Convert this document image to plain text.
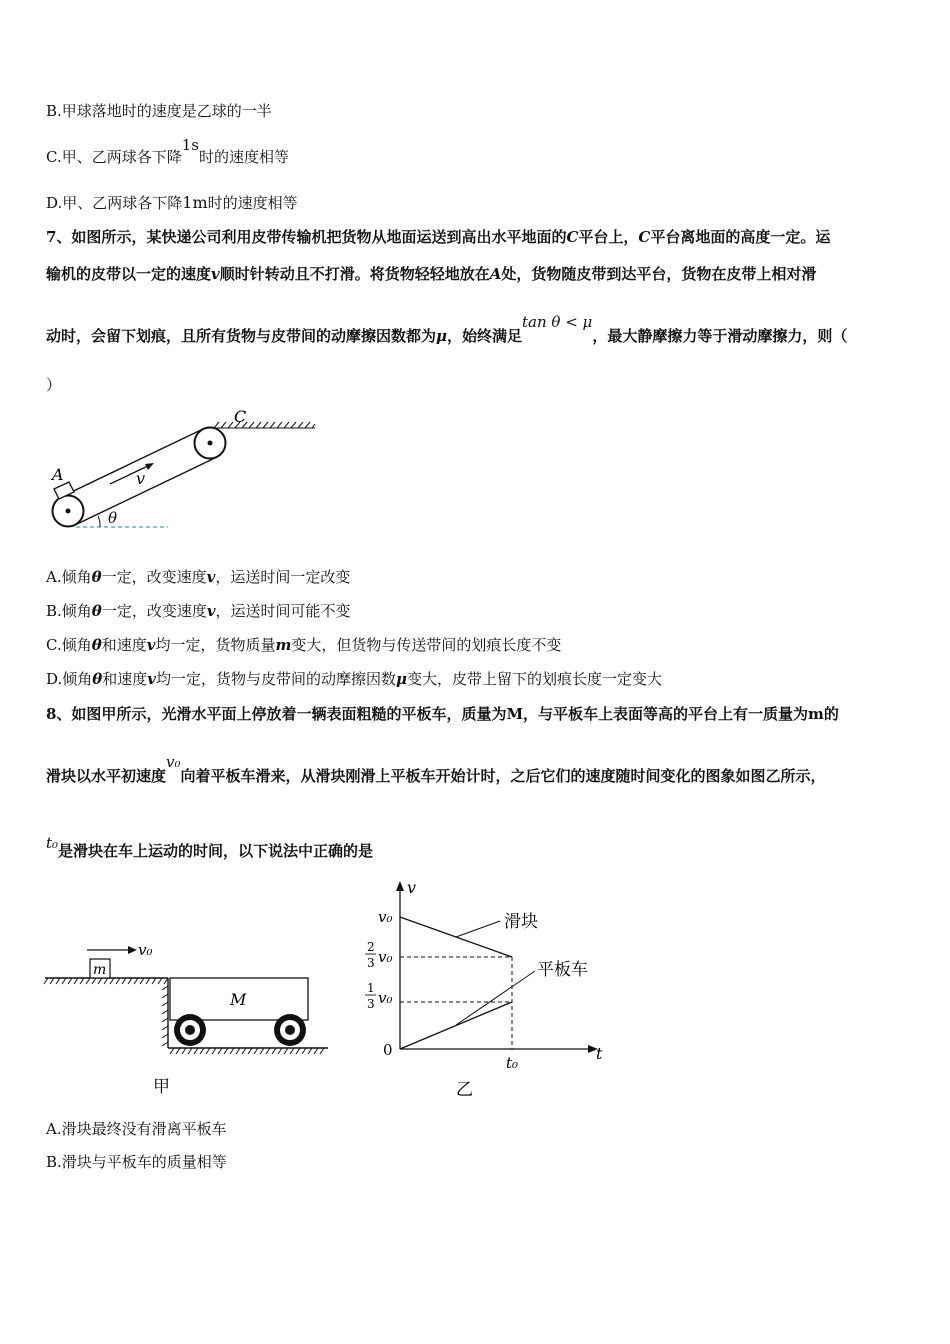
B.甲球落地时的速度是乙球的一半
C.甲、乙两球各下降1s时的速度相等
D.甲、乙两球各下降1m时的速度相等
7、如图所示，某快递公司利用皮带传输机把货物从地面运送到高出水平地面的C平台上，C平台离地面的高度一定。运
输机的皮带以一定的速度v顺时针转动且不打滑。将货物轻轻地放在A处，货物随皮带到达平台，货物在皮带上相对滑
动时，会留下划痕，且所有货物与皮带间的动摩擦因数都为μ，始终满足tan θ < μ，最大静摩擦力等于滑动摩擦力，则（
）
C
A	v
θ
A.倾角θ一定，改变速度v，运送时间一定改变
B.倾角θ一定，改变速度v，运送时间可能不变
C.倾角θ和速度v均一定，货物质量m变大，但货物与传送带间的划痕长度不变
D.倾角θ和速度v均一定，货物与皮带间的动摩擦因数μ变大，皮带上留下的划痕长度一定变大
8、如图甲所示，光滑水平面上停放着一辆表面粗糙的平板车，质量为M，与平板车上表面等高的平台上有一质量为m的
滑块以水平初速度v₀向着平板车滑来，从滑块刚滑上平板车开始计时，之后它们的速度随时间变化的图象如图乙所示，
t₀是滑块在车上运动的时间，以下说法中正确的是
m
v₀
M
甲
v
t
0
v₀
2
3 v₀
1
3 v₀
滑块
平板车
t₀
乙
A.滑块最终没有滑离平板车
B.滑块与平板车的质量相等
